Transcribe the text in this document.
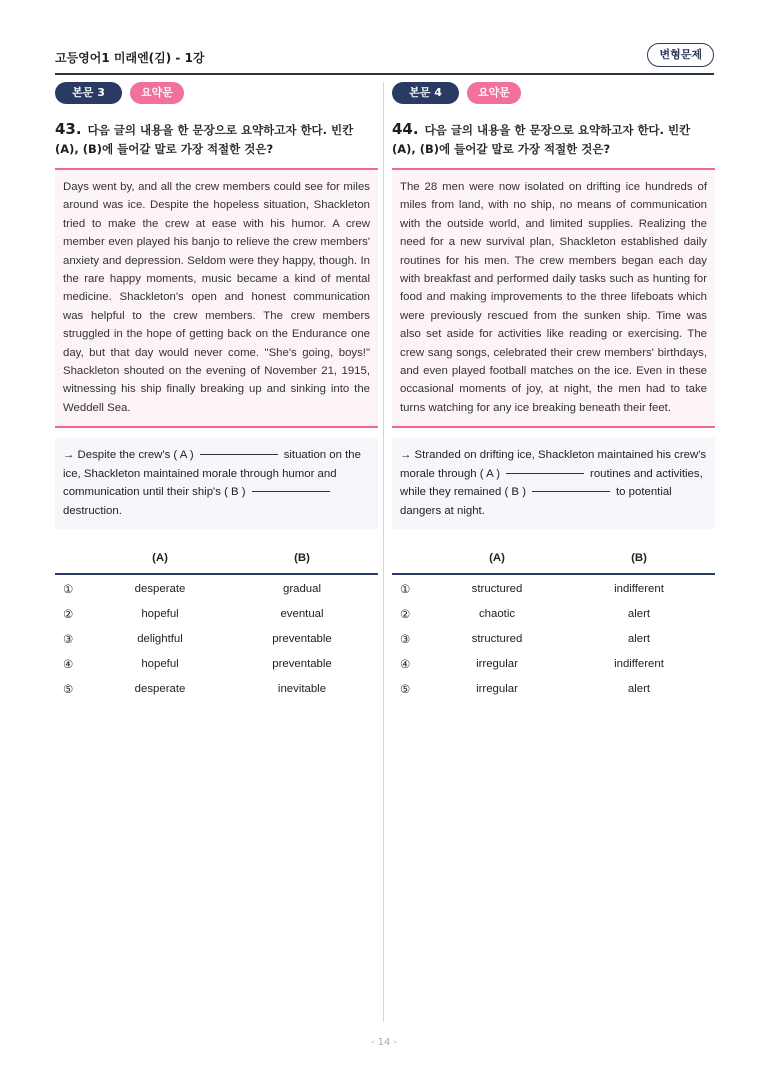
고등영어1 미래엔(김) - 1강	변형문제
본문 3	요약문
43. 다음 글의 내용을 한 문장으로 요약하고자 한다. 빈칸 (A), (B)에 들어갈 말로 가장 적절한 것은?
Days went by, and all the crew members could see for miles around was ice. Despite the hopeless situation, Shackleton tried to make the crew at ease with his humor. A crew member even played his banjo to relieve the crew members' anxiety and depression. Seldom were they happy, though. In the rare happy moments, music became a kind of mental medicine. Shackleton's open and honest communication was helpful to the crew members. The crew members struggled in the hope of getting back on the Endurance one day, but that day would never come. "She's going, boys!" Shackleton shouted on the evening of November 21, 1915, witnessing his ship finally breaking up and sinking into the Weddell Sea.
→ Despite the crew's ( A )	situation on the ice, Shackleton maintained morale through humor and communication until their ship's ( B )destruction.
	(A)	(B)
①	desperate	gradual
②	hopeful	eventual
③	delightful	preventable
④	hopeful	preventable
⑤	desperate	inevitable
본문 4	요약문
44. 다음 글의 내용을 한 문장으로 요약하고자 한다. 빈칸 (A), (B)에 들어갈 말로 가장 적절한 것은?
The 28 men were now isolated on drifting ice hundreds of miles from land, with no ship, no means of communication with the outside world, and limited supplies. Realizing the need for a new survival plan, Shackleton established daily routines for his men. The crew members began each day with breakfast and performed daily tasks such as hunting for food and making improvements to the three lifeboats which were previously rescued from the sunken ship. Time was also set aside for activities like reading or exercising. The crew sang songs, celebrated their crew members' birthdays, and even played football matches on the ice. Even in these occasional moments of joy, at night, the men had to take turns watching for any ice breaking beneath their feet.
→ Stranded on drifting ice, Shackleton maintained his crew's morale through ( A )	routines and activities, while they remained ( B )	to potential dangers at night.
	(A)	(B)
①	structured	indifferent
②	chaotic	alert
③	structured	alert
④	irregular	indifferent
⑤	irregular	alert
- 14 -
